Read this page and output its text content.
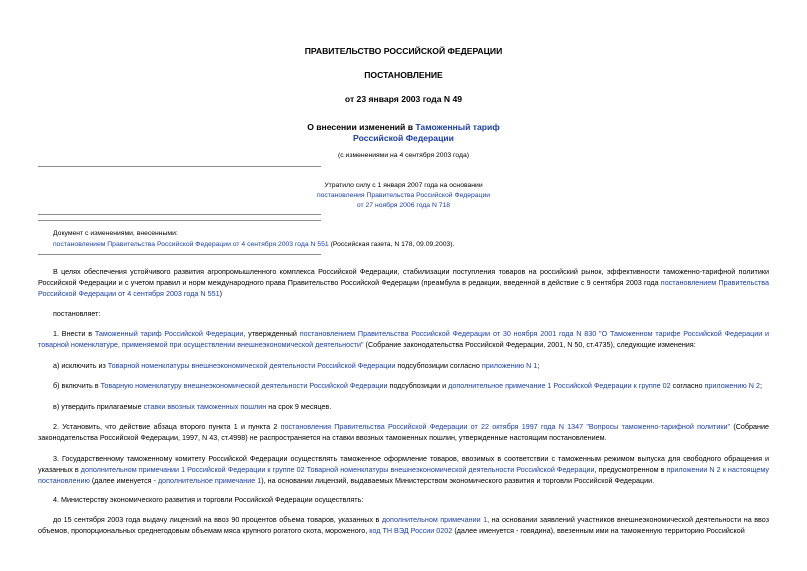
ПРАВИТЕЛЬСТВО РОССИЙСКОЙ ФЕДЕРАЦИИ
ПОСТАНОВЛЕНИЕ
от 23 января 2003 года N 49
О внесении изменений в Таможенный тариф
Российской Федерации
(с изменениями на 4 сентября 2003 года)
Утратило силу с 1 января 2007 года на основании
постановления Правительства Российской Федерации
от 27 ноября 2006 года N 718
Документ с изменениями, внесенными:
постановлением Правительства Российской Федерации от 4 сентября 2003 года N 551 (Российская газета, N 178, 09.09.2003).
В целях обеспечения устойчивого развития агропромышленного комплекса Российской Федерации, стабилизации поступления товаров на российский рынок, эффективности таможенно-тарифной политики Российской Федерации и с учетом правил и норм международного права Правительство Российской Федерации (преамбула в редакции, введенной в действие с 9 сентября 2003 года постановлением Правительства Российской Федерации от 4 сентября 2003 года N 551)
постановляет:
1. Внести в Таможенный тариф Российской Федерации, утвержденный постановлением Правительства Российской Федерации от 30 ноября 2001 года N 830 "О Таможенном тарифе Российской Федерации и товарной номенклатуре, применяемой при осуществлении внешнеэкономической деятельности" (Собрание законодательства Российской Федерации, 2001, N 50, ст.4735), следующие изменения:
а) исключить из Товарной номенклатуры внешнеэкономической деятельности Российской Федерации подсубпозиции согласно приложению N 1;
б) включить в Товарную номенклатуру внешнеэкономической деятельности Российской Федерации подсубпозиции и дополнительное примечание 1 Российской Федерации к группе 02 согласно приложению N 2;
в) утвердить прилагаемые ставки ввозных таможенных пошлин на срок 9 месяцев.
2. Установить, что действие абзаца второго пункта 1 и пункта 2 постановления Правительства Российской Федерации от 22 октября 1997 года N 1347 "Вопросы таможенно-тарифной политики" (Собрание законодательства Российской Федерации, 1997, N 43, ст.4998) не распространяется на ставки ввозных таможенных пошлин, утвержденные настоящим постановлением.
3. Государственному таможенному комитету Российской Федерации осуществлять таможенное оформление товаров, ввозимых в соответствии с таможенным режимом выпуска для свободного обращения и указанных в дополнительном примечании 1 Российской Федерации к группе 02 Товарной номенклатуры внешнеэкономической деятельности Российской Федерации, предусмотренном в приложении N 2 к настоящему постановлению (далее именуется - дополнительное примечание 1), на основании лицензий, выдаваемых Министерством экономического развития и торговли Российской Федерации.
4. Министерству экономического развития и торговли Российской Федерации осуществлять:
до 15 сентября 2003 года выдачу лицензий на ввоз 90 процентов объема товаров, указанных в дополнительном примечании 1, на основании заявлений участников внешнеэкономической деятельности на ввоз объемов, пропорциональных среднегодовым объемам мяса крупного рогатого скота, мороженого, код ТН ВЭД России 0202 (далее именуется - говядина), ввезенным ими на таможенную территорию Российской
